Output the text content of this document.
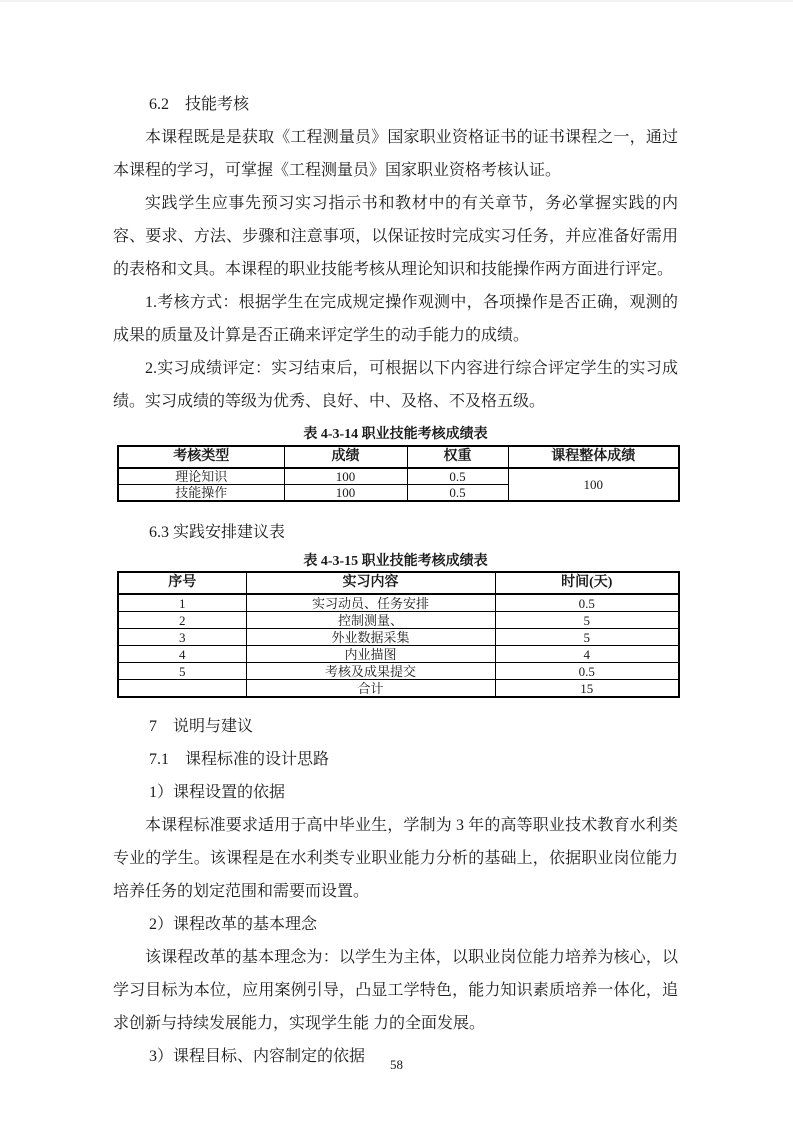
6.2　技能考核

本课程既是是获取《工程测量员》国家职业资格证书的证书课程之一，通过本课程的学习，可掌握《工程测量员》国家职业资格考核认证。

实践学生应事先预习实习指示书和教材中的有关章节，务必掌握实践的内容、要求、方法、步骤和注意事项，以保证按时完成实习任务，并应准备好需用的表格和文具。本课程的职业技能考核从理论知识和技能操作两方面进行评定。

1.考核方式：根据学生在完成规定操作观测中，各项操作是否正确，观测的成果的质量及计算是否正确来评定学生的动手能力的成绩。

2.实习成绩评定：实习结束后，可根据以下内容进行综合评定学生的实习成绩。实习成绩的等级为优秀、良好、中、及格、不及格五级。

表 4-3-14 职业技能考核成绩表
考核类型	成绩	权重	课程整体成绩
理论知识	100	0.5	100
技能操作	100	0.5	
6.3 实践安排建议表
表 4-3-15 职业技能考核成绩表
序号	实习内容	时间(天)
1	实习动员、任务安排	0.5
2	控制测量、	5
3	外业数据采集	5
4	内业描图	4
5	考核及成果提交	0.5
	合计	15
7　说明与建议
7.1　课程标准的设计思路
1）课程设置的依据

本课程标准要求适用于高中毕业生，学制为 3 年的高等职业技术教育水利类专业的学生。该课程是在水利类专业职业能力分析的基础上，依据职业岗位能力培养任务的划定范围和需要而设置。

2）课程改革的基本理念

该课程改革的基本理念为：以学生为主体，以职业岗位能力培养为核心，以学习目标为本位，应用案例引导，凸显工学特色，能力知识素质培养一体化，追求创新与持续发展能力，实现学生能 力的全面发展。

3）课程目标、内容制定的依据	58
